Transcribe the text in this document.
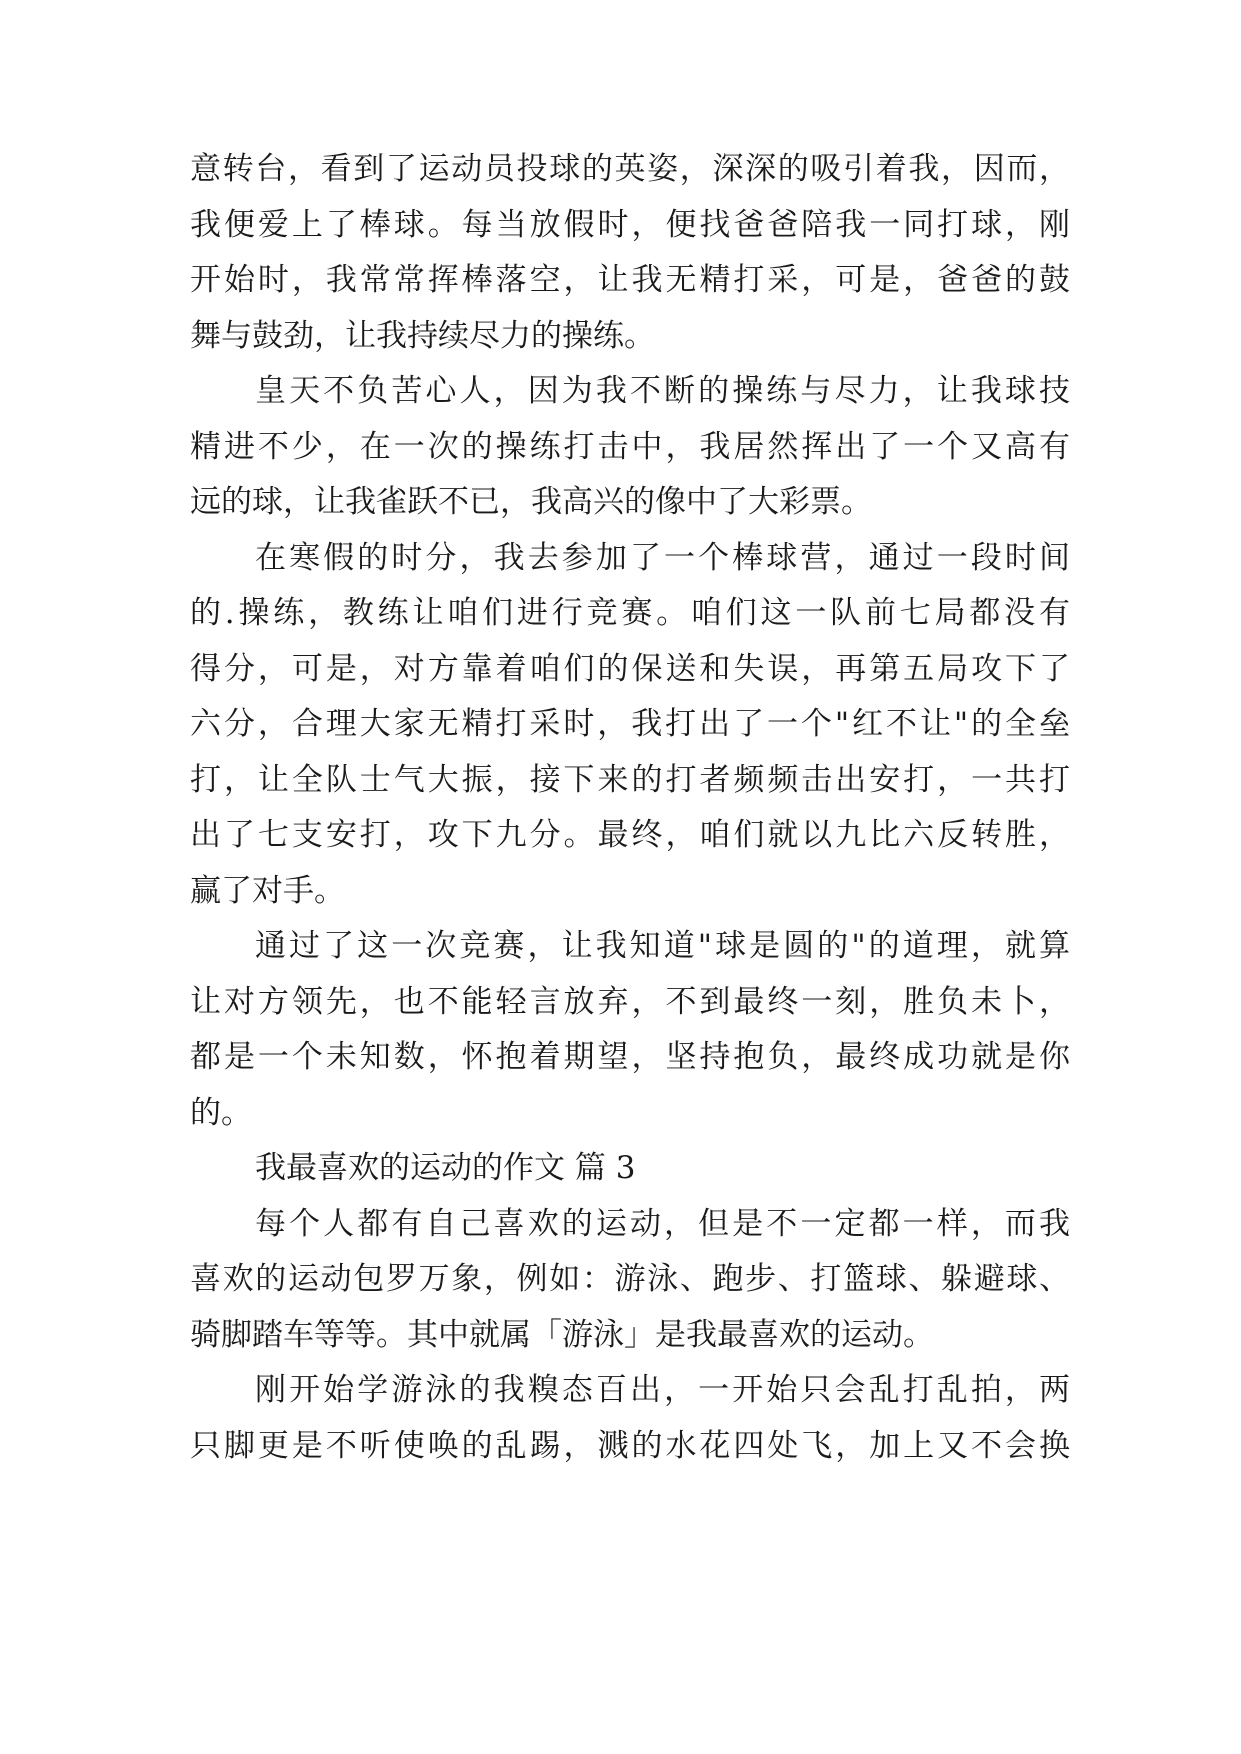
意转台，看到了运动员投球的英姿，深深的吸引着我，因而，
我便爱上了棒球。每当放假时，便找爸爸陪我一同打球，刚
开始时，我常常挥棒落空，让我无精打采，可是，爸爸的鼓
舞与鼓劲，让我持续尽力的操练。
皇天不负苦心人，因为我不断的操练与尽力，让我球技
精进不少，在一次的操练打击中，我居然挥出了一个又高有
远的球，让我雀跃不已，我高兴的像中了大彩票。
在寒假的时分，我去参加了一个棒球营，通过一段时间
的.操练，教练让咱们进行竞赛。咱们这一队前七局都没有
得分，可是，对方靠着咱们的保送和失误，再第五局攻下了
六分，合理大家无精打采时，我打出了一个"红不让"的全垒
打，让全队士气大振，接下来的打者频频击出安打，一共打
出了七支安打，攻下九分。最终，咱们就以九比六反转胜，
赢了对手。
通过了这一次竞赛，让我知道"球是圆的"的道理，就算
让对方领先，也不能轻言放弃，不到最终一刻，胜负未卜，
都是一个未知数，怀抱着期望，坚持抱负，最终成功就是你
的。
我最喜欢的运动的作文 篇 3
每个人都有自己喜欢的运动，但是不一定都一样，而我
喜欢的运动包罗万象，例如：游泳、跑步、打篮球、躲避球、
骑脚踏车等等。其中就属「游泳」是我最喜欢的运动。
刚开始学游泳的我糗态百出，一开始只会乱打乱拍，两
只脚更是不听使唤的乱踢，溅的水花四处飞，加上又不会换
